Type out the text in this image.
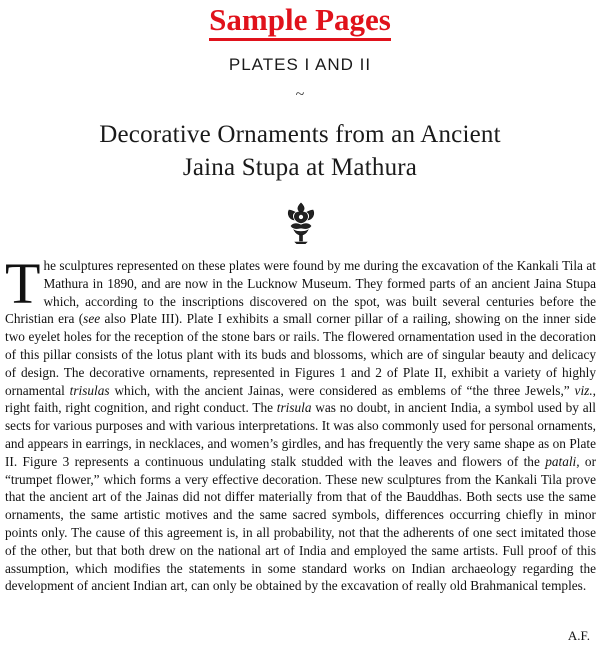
Sample Pages
PLATES I AND II
~
Decorative Ornaments from an Ancient
Jaina Stupa at Mathura
The sculptures represented on these plates were found by me during the excavation of the Kankali Tila at Mathura in 1890, and are now in the Lucknow Museum. They formed parts of an ancient Jaina Stupa which, according to the inscriptions discovered on the spot, was built several centuries before the Christian era (see also Plate III). Plate I exhibits a small corner pillar of a railing, showing on the inner side two eyelet holes for the reception of the stone bars or rails. The flowered ornamentation used in the decoration of this pillar consists of the lotus plant with its buds and blossoms, which are of singular beauty and delicacy of design. The decorative ornaments, represented in Figures 1 and 2 of Plate II, exhibit a variety of highly ornamental trisulas which, with the ancient Jainas, were considered as emblems of “the three Jewels,” viz., right faith, right cognition, and right conduct. The trisula was no doubt, in ancient India, a symbol used by all sects for various purposes and with various interpretations. It was also commonly used for personal ornaments, and appears in earrings, in necklaces, and women’s girdles, and has frequently the very same shape as on Plate II. Figure 3 represents a continuous undulating stalk studded with the leaves and flowers of the patali, or “trumpet flower,” which forms a very effective decoration. These new sculptures from the Kankali Tila prove that the ancient art of the Jainas did not differ materially from that of the Bauddhas. Both sects use the same ornaments, the same artistic motives and the same sacred symbols, differences occurring chiefly in minor points only. The cause of this agreement is, in all probability, not that the adherents of one sect imitated those of the other, but that both drew on the national art of India and employed the same artists. Full proof of this assumption, which modifies the statements in some standard works on Indian archaeology regarding the development of ancient Indian art, can only be obtained by the excavation of really old Brahmanical temples.
A.F.
